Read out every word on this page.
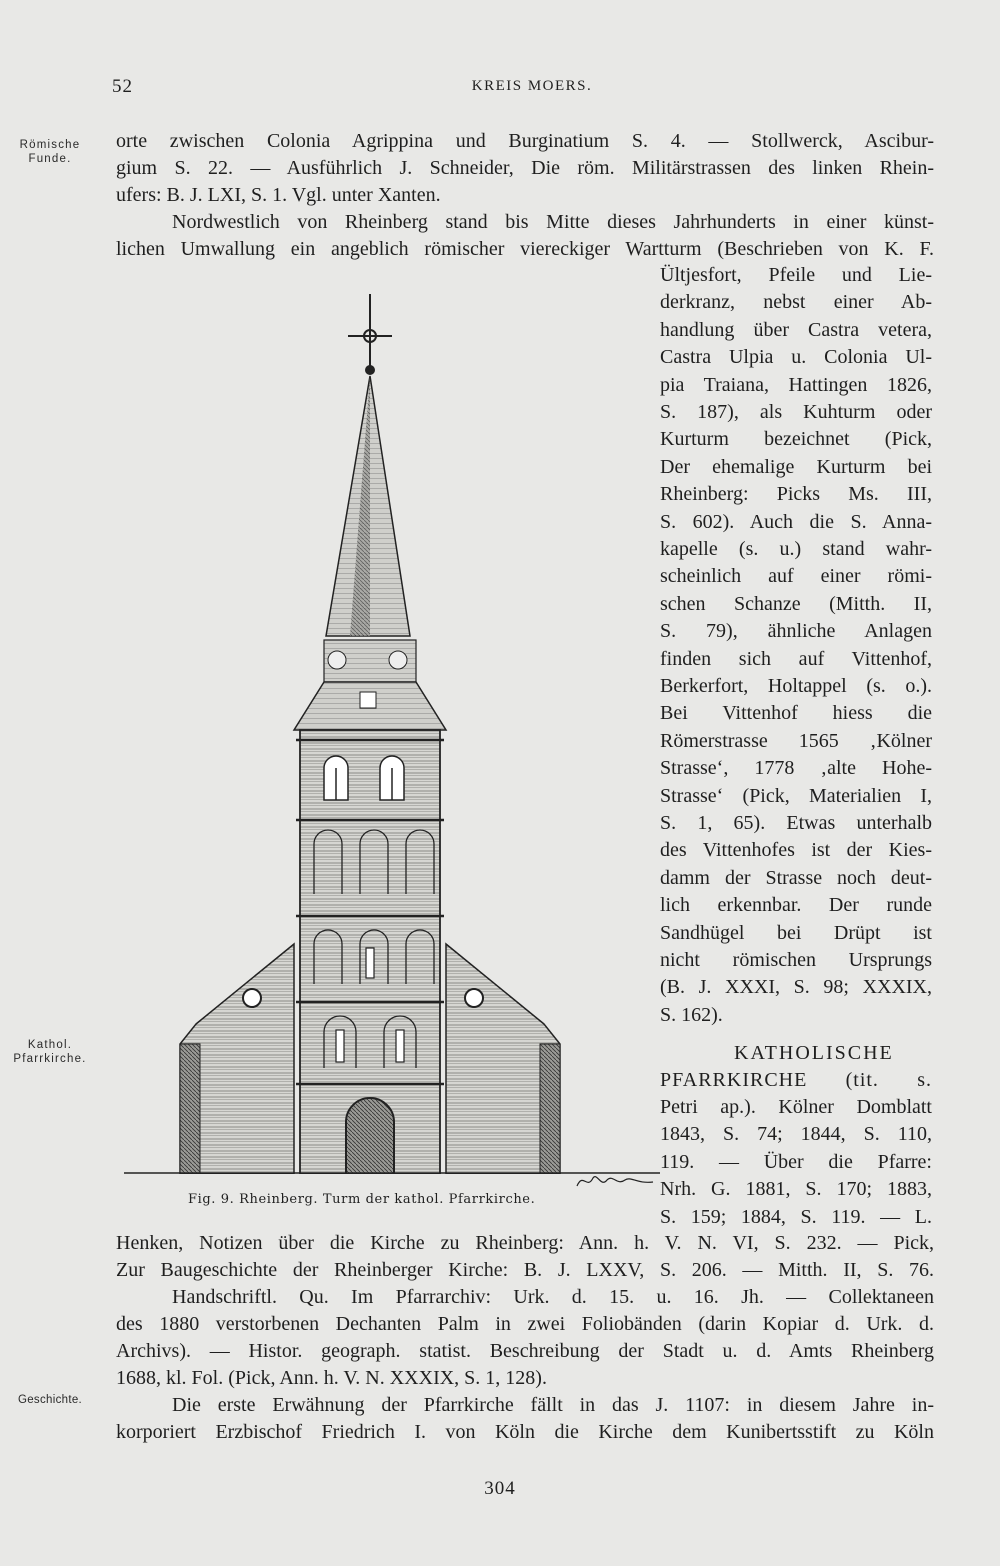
52	KREIS MOERS.
Römische
Funde.
Kathol.
Pfarrkirche.
Geschichte.
orte zwischen Colonia Agrippina und Burginatium S. 4. — Stollwerck, Ascibur-
gium S. 22. — Ausführlich J. Schneider, Die röm. Militärstrassen des linken Rhein-
ufers: B. J. LXI, S. 1. Vgl. unter Xanten.
Nordwestlich von Rheinberg stand bis Mitte dieses Jahrhunderts in einer künst-
lichen Umwallung ein angeblich römischer viereckiger Wartturm (Beschrieben von K. F.
Ültjesfort, Pfeile und Lie-
derkranz, nebst einer Ab-
handlung über Castra vetera,
Castra Ulpia u. Colonia Ul-
pia Traiana, Hattingen 1826,
S. 187), als Kuhturm oder
Kurturm bezeichnet (Pick,
Der ehemalige Kurturm bei
Rheinberg: Picks Ms. III,
S. 602). Auch die S. Anna-
kapelle (s. u.) stand wahr-
scheinlich auf einer römi-
schen Schanze (Mitth. II,
S. 79), ähnliche Anlagen
finden sich auf Vittenhof,
Berkerfort, Holtappel (s. o.).
Bei Vittenhof hiess die
Römerstrasse 1565 ‚Kölner
Strasse‘, 1778 ‚alte Hohe-
Strasse‘ (Pick, Materialien I,
S. 1, 65). Etwas unterhalb
des Vittenhofes ist der Kies-
damm der Strasse noch deut-
lich erkennbar. Der runde
Sandhügel bei Drüpt ist
nicht römischen Ursprungs
(B. J. XXXI, S. 98; XXXIX,
S. 162).
KATHOLISCHE
PFARRKIRCHE (tit. s.
Petri ap.). Kölner Domblatt
1843, S. 74; 1844, S. 110,
119. — Über die Pfarre:
Nrh. G. 1881, S. 170; 1883,
S. 159; 1884, S. 119. — L.
Henken, Notizen über die Kirche zu Rheinberg: Ann. h. V. N. VI, S. 232. — Pick,
Zur Baugeschichte der Rheinberger Kirche: B. J. LXXV, S. 206. — Mitth. II, S. 76.
Handschriftl. Qu. Im Pfarrarchiv: Urk. d. 15. u. 16. Jh. — Collektaneen
des 1880 verstorbenen Dechanten Palm in zwei Foliobänden (darin Kopiar d. Urk. d.
Archivs). — Histor. geograph. statist. Beschreibung der Stadt u. d. Amts Rheinberg
1688, kl. Fol. (Pick, Ann. h. V. N. XXXIX, S. 1, 128).
Die erste Erwähnung der Pfarrkirche fällt in das J. 1107: in diesem Jahre in-
korporiert Erzbischof Friedrich I. von Köln die Kirche dem Kunibertsstift zu Köln
Fig. 9. Rheinberg. Turm der kathol. Pfarrkirche.
304
